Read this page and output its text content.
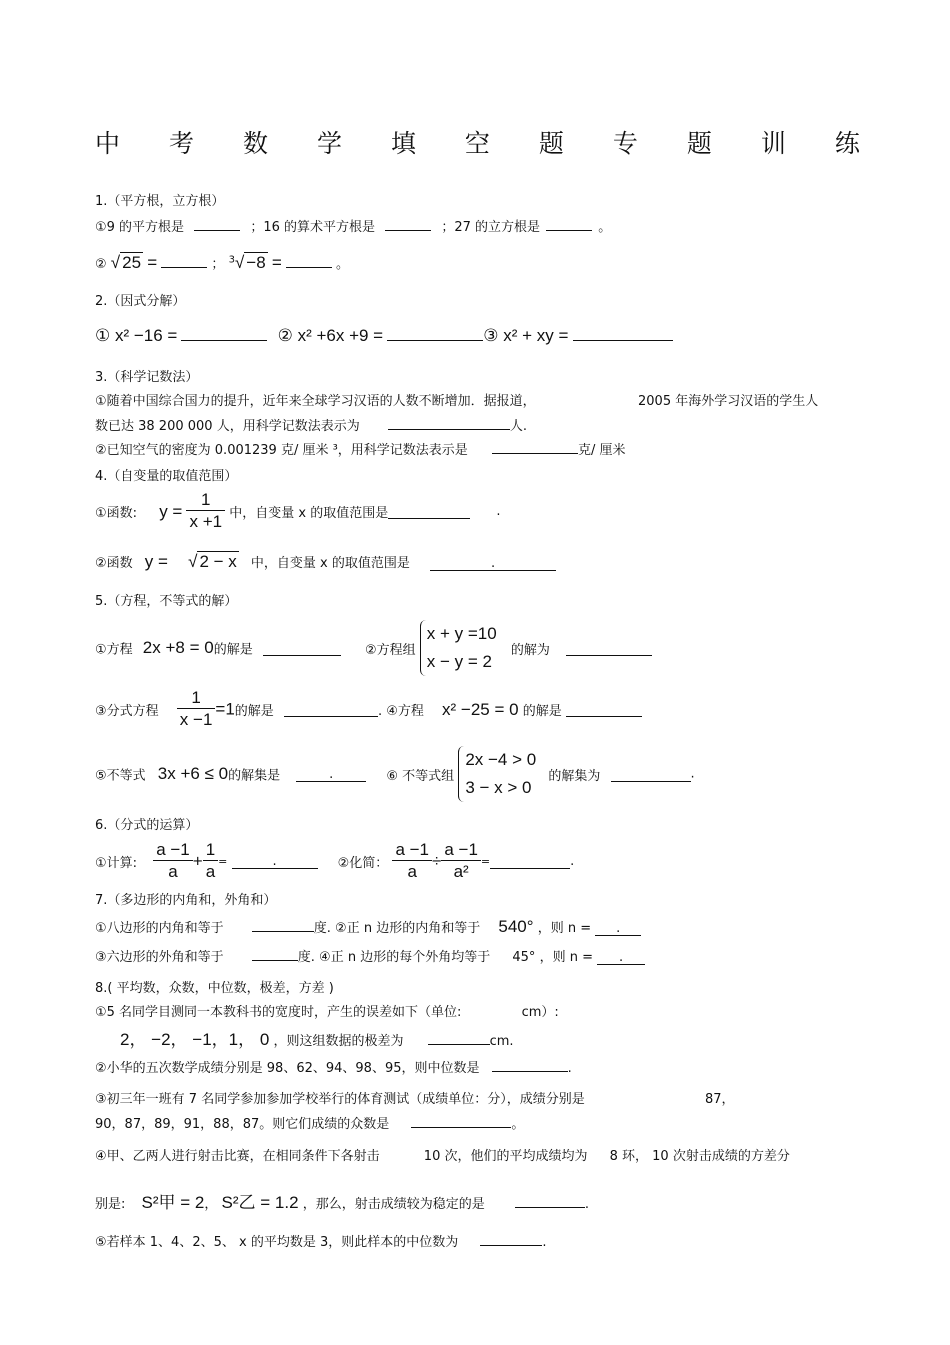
中 考 数 学 填 空 题 专 题 训 练
1.（平方根，立方根）
①9 的平方根是	；16 的算术平方根是	；27 的立方根是	。
② √ 25 =	； $^3$√ −8 =	。
2.（因式分解）
① x² −16 =	② x² +6x +9 =	③ x² + xy =
3.（科学记数法）
①随着中国综合国力的提升，近年来全球学习汉语的人数不断增加．据报道，	2005 年海外学习汉语的学生人
数已达 38 200 000 人，用科学记数法表示为	人.
②已知空气的密度为 0.001239 克/ 厘米 ³，用科学记数法表示是	克/ 厘米
4.（自变量的取值范围）
①函数: $y = \frac{1}{x +1}$ 中，自变量 x 的取值范围是	.
②函数 y = √ 2 − x 中，自变量 x 的取值范围是	.
5.（方程，不等式的解）
①方程 2x +8 = 0的解是	②方程组
x + y =10
x − y = 2
的解为
③分式方程 $\frac{1}{x -1} =1$的解是	. ④方程 x² −25 = 0 的解是
⑤不等式 3x +6 ≤ 0的解集是	.	⑥ 不等式组
2x −4 > 0
3 − x > 0
的解集为	.
6.（分式的运算）
①计算: $\frac{a -1}{a} + \frac{1}{a}$ =	.	②化简： $\frac{a -1}{a} \div \frac{a -1}{\text{a²}}$ =	.
7.（多边形的内角和，外角和）
①八边形的内角和等于	度. ②正 n 边形的内角和等于 540° ，则 n = .
③六边形的外角和等于	度. ④正 n 边形的每个外角均等于 45° ，则 n = .
8.( 平均数，众数，中位数，极差，方差 )
①5 名同学目测同一本教科书的宽度时，产生的误差如下（单位:	cm）:
2， −2， −1，1， 0 ，则这组数据的极差为	cm.
②小华的五次数学成绩分别是 98、62、94、98、95，则中位数是	.
③初三年一班有 7 名同学参加参加学校举行的体育测试（成绩单位：分），成绩分别是	87，
90，87，89，91，88，87。则它们成绩的众数是	。
④甲、乙两人进行射击比赛，在相同条件下各射击	10 次，他们的平均成绩均为 8 环， 10 次射击成绩的方差分
别是: S²甲 = 2， S²乙 = 1.2 ，那么，射击成绩较为稳定的是	.
⑤若样本 1、4、2、5、 x 的平均数是 3，则此样本的中位数为	.
